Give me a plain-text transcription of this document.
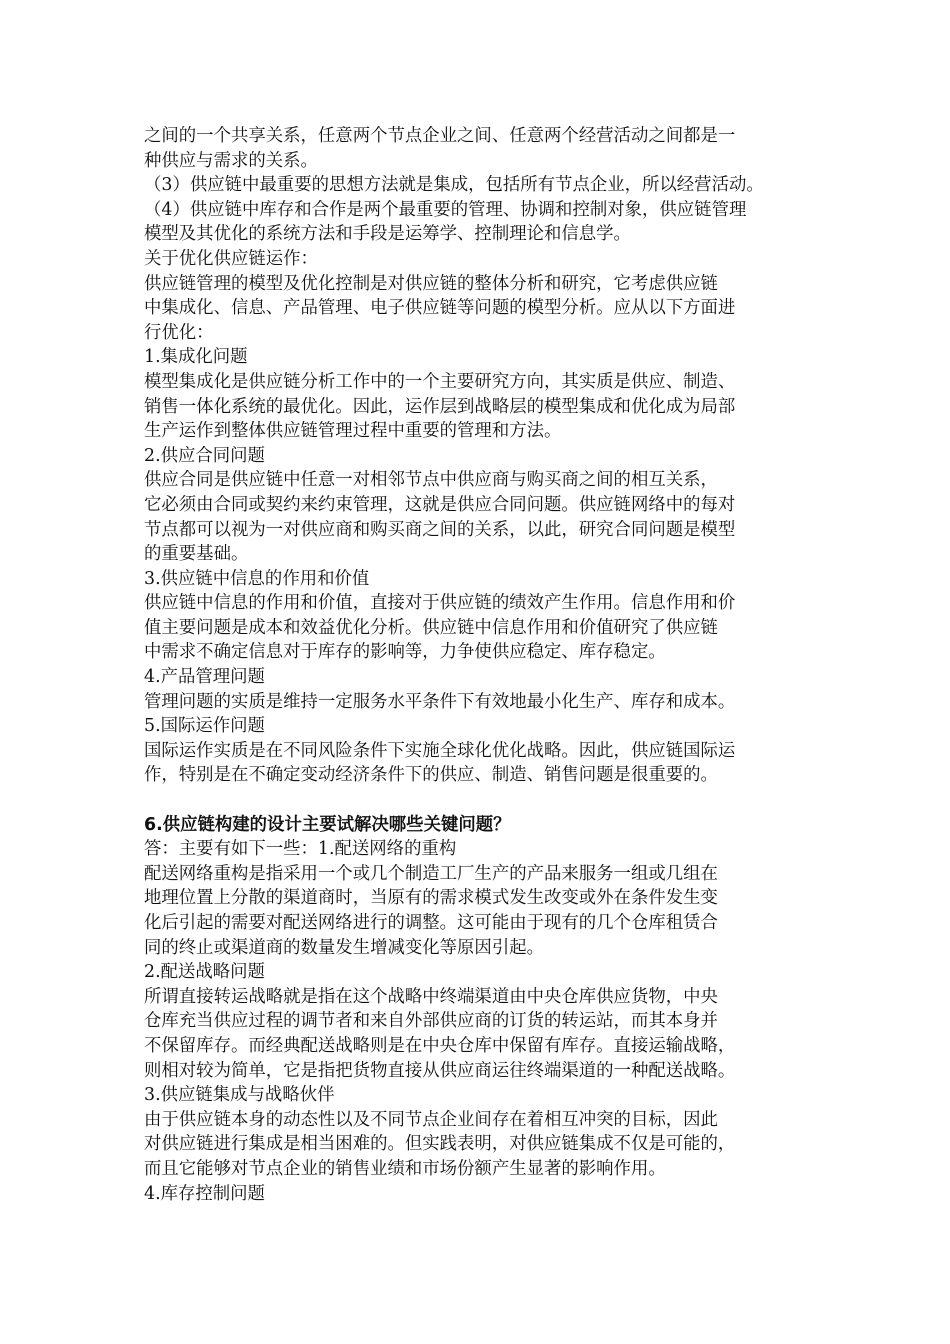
之间的一个共享关系，任意两个节点企业之间、任意两个经营活动之间都是一
种供应与需求的关系。
（3）供应链中最重要的思想方法就是集成，包括所有节点企业，所以经营活动。
（4）供应链中库存和合作是两个最重要的管理、协调和控制对象，供应链管理
模型及其优化的系统方法和手段是运筹学、控制理论和信息学。
关于优化供应链运作：
供应链管理的模型及优化控制是对供应链的整体分析和研究，它考虑供应链
中集成化、信息、产品管理、电子供应链等问题的模型分析。应从以下方面进
行优化：
1.集成化问题
模型集成化是供应链分析工作中的一个主要研究方向，其实质是供应、制造、
销售一体化系统的最优化。因此，运作层到战略层的模型集成和优化成为局部
生产运作到整体供应链管理过程中重要的管理和方法。
2.供应合同问题
供应合同是供应链中任意一对相邻节点中供应商与购买商之间的相互关系，
它必须由合同或契约来约束管理，这就是供应合同问题。供应链网络中的每对
节点都可以视为一对供应商和购买商之间的关系，以此，研究合同问题是模型
的重要基础。
3.供应链中信息的作用和价值
供应链中信息的作用和价值，直接对于供应链的绩效产生作用。信息作用和价
值主要问题是成本和效益优化分析。供应链中信息作用和价值研究了供应链
中需求不确定信息对于库存的影响等，力争使供应稳定、库存稳定。
4.产品管理问题
管理问题的实质是维持一定服务水平条件下有效地最小化生产、库存和成本。
5.国际运作问题
国际运作实质是在不同风险条件下实施全球化优化战略。因此，供应链国际运
作，特别是在不确定变动经济条件下的供应、制造、销售问题是很重要的。
6.供应链构建的设计主要试解决哪些关键问题？
答：主要有如下一些：1.配送网络的重构
配送网络重构是指采用一个或几个制造工厂生产的产品来服务一组或几组在
地理位置上分散的渠道商时，当原有的需求模式发生改变或外在条件发生变
化后引起的需要对配送网络进行的调整。这可能由于现有的几个仓库租赁合
同的终止或渠道商的数量发生增减变化等原因引起。
2.配送战略问题
所谓直接转运战略就是指在这个战略中终端渠道由中央仓库供应货物，中央
仓库充当供应过程的调节者和来自外部供应商的订货的转运站，而其本身并
不保留库存。而经典配送战略则是在中央仓库中保留有库存。直接运输战略，
则相对较为简单，它是指把货物直接从供应商运往终端渠道的一种配送战略。
3.供应链集成与战略伙伴
由于供应链本身的动态性以及不同节点企业间存在着相互冲突的目标，因此
对供应链进行集成是相当困难的。但实践表明，对供应链集成不仅是可能的，
而且它能够对节点企业的销售业绩和市场份额产生显著的影响作用。
4.库存控制问题
